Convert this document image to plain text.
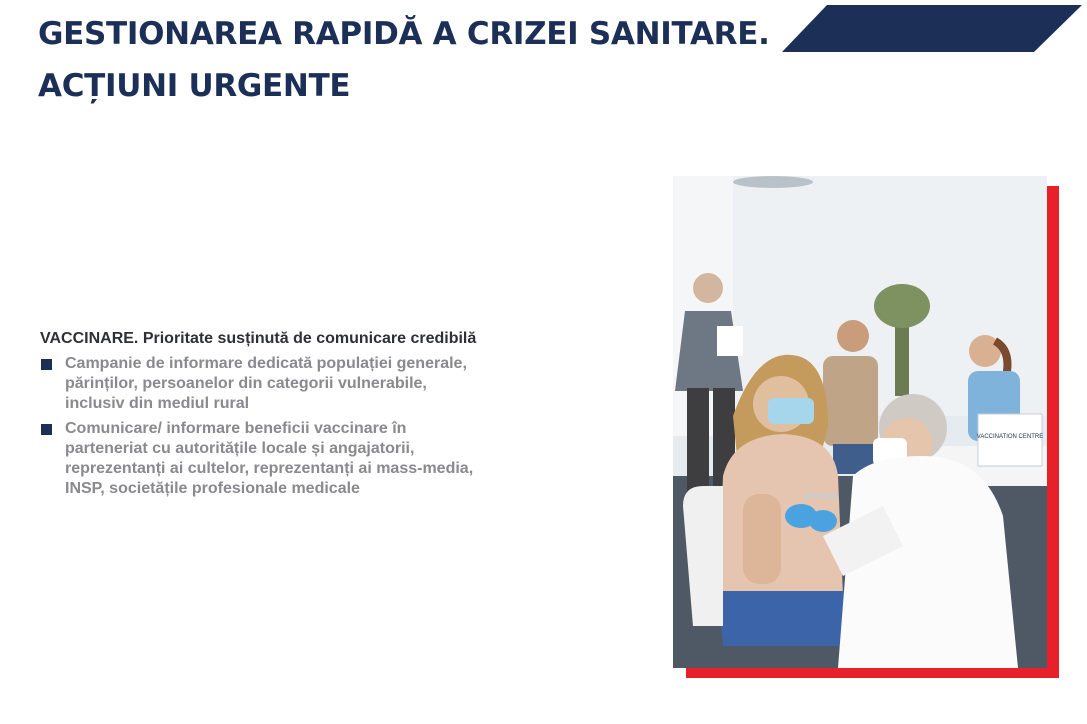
GESTIONAREA RAPIDĂ A CRIZEI SANITARE.
ACȚIUNI URGENTE

VACCINARE. Prioritate susținută de comunicare credibilă

Campanie de informare dedicată populației generale, părinților, persoanelor din categorii vulnerabile, inclusiv din mediul rural
Comunicare/ informare beneficii vaccinare în parteneriat cu autoritățile locale și angajatorii, reprezentanți ai cultelor, reprezentanți ai mass-media, INSP, societățile profesionale medicale
VACCINATION CENTRE
